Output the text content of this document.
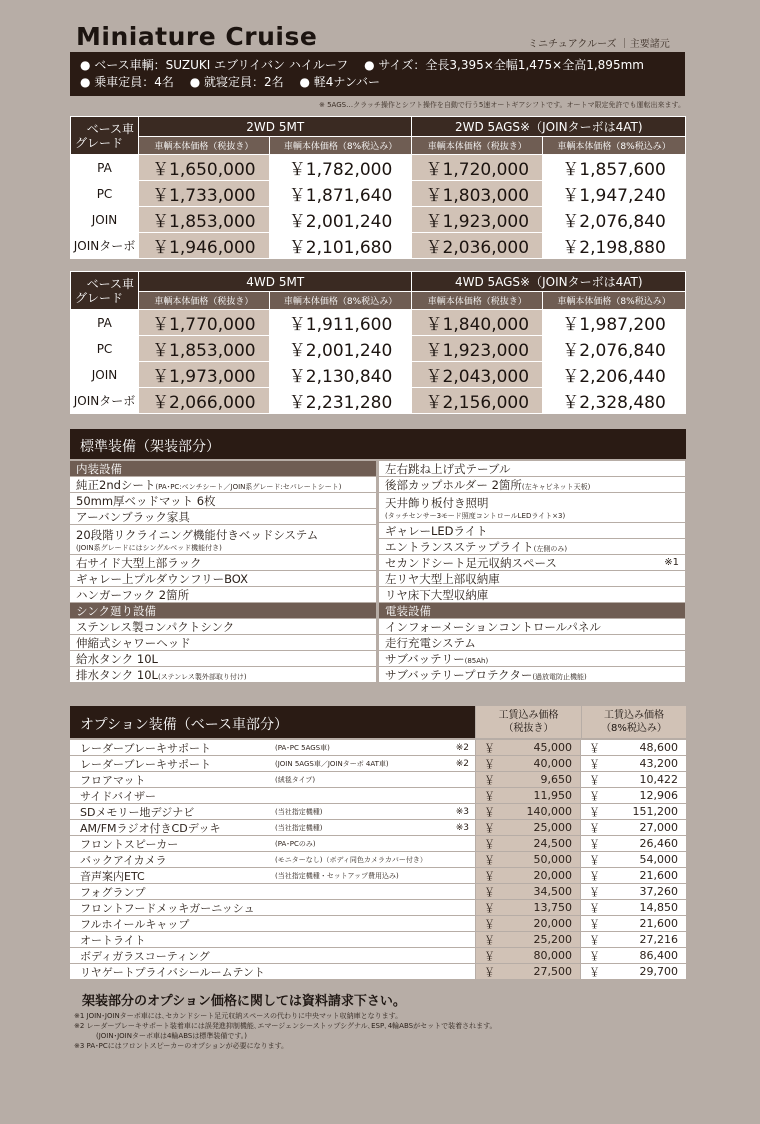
Miniature Cruise	ミニチュアクルーズ ｜主要諸元
● ベース車輌：SUZUKI エブリイバン ハイルーフ ● サイズ：全長3,395×全幅1,475×全高1,895mm
● 乗車定員：4名 ● 就寝定員：2名 ● 軽4ナンバー
※ 5AGS…クラッチ操作とシフト操作を自動で行う5速オートギアシフトです。オートマ限定免許でも運転出来ます。
ベース車
グレード	2WD 5MT		2WD 5AGS※（JOINターボは4AT)	
	車輌本体価格（税抜き）	車輌本体価格（8%税込み）	車輌本体価格（税抜き）	車輌本体価格（8%税込み）
PA	￥1,650,000	￥1,782,000	￥1,720,000	￥1,857,600
PC	￥1,733,000	￥1,871,640	￥1,803,000	￥1,947,240
JOIN	￥1,853,000	￥2,001,240	￥1,923,000	￥2,076,840
JOINターボ	￥1,946,000	￥2,101,680	￥2,036,000	￥2,198,880
ベース車
グレード	4WD 5MT		4WD 5AGS※（JOINターボは4AT)	
	車輌本体価格（税抜き）	車輌本体価格（8%税込み）	車輌本体価格（税抜き）	車輌本体価格（8%税込み）
PA	￥1,770,000	￥1,911,600	￥1,840,000	￥1,987,200
PC	￥1,853,000	￥2,001,240	￥1,923,000	￥2,076,840
JOIN	￥1,973,000	￥2,130,840	￥2,043,000	￥2,206,440
JOINターボ	￥2,066,000	￥2,231,280	￥2,156,000	￥2,328,480
標準装備（架装部分）
内装設備
純正2ndシート(PA･PC:ベンチシート／JOIN系グレード:セパレートシート)
50mm厚ベッドマット 6枚
アーバンブラック家具
20段階リクライニング機能付きベッドシステム
(JOIN系グレードにはシングルベッド機能付き)
右サイド大型上部ラック
ギャレー上プルダウンフリーBOX
ハンガーフック 2箇所
シンク廻り設備
ステンレス製コンパクトシンク
伸縮式シャワーヘッド
給水タンク 10L
排水タンク 10L(ステンレス製外部取り付け)
左右跳ね上げ式テーブル
後部カップホルダー 2箇所(左キャビネット天板)
天井飾り板付き照明
(タッチセンサー3モード照度コントロールLEDライト×3)
ギャレーLEDライト
エントランスステップライト(左側のみ)
セカンドシート足元収納スペース	※1
左リヤ大型上部収納庫
リヤ床下大型収納庫
電装設備
インフォーメーションコントロールパネル
走行充電システム
サブバッテリー(85Ah)
サブバッテリープロテクター(過放電防止機能)
オプション装備（ベース車部分）
工賃込み価格
（税抜き）
工賃込み価格
（8%税込み）
レーダーブレーキサポート	(PA･PC 5AGS車)	※2 ￥	45,000 ￥	48,600
レーダーブレーキサポート	(JOIN 5AGS車／JOINターボ 4AT車)	※2 ￥	40,000 ￥	43,200
フロアマット	(絨毯タイプ)	￥	9,650 ￥	10,422
サイドバイザー	￥	11,950 ￥	12,906
SDメモリー地デジナビ	(当社指定機種)	※3 ￥	140,000 ￥	151,200
AM/FMラジオ付きCDデッキ	(当社指定機種)	※3 ￥	25,000 ￥	27,000
フロントスピーカー	(PA･PCのみ)	￥	24,500 ￥	26,460
バックアイカメラ	(モニターなし)（ボディ同色カメラカバー付き）	￥	50,000 ￥	54,000
音声案内ETC	(当社指定機種・セットアップ費用込み)	￥	20,000 ￥	21,600
フォグランプ	￥	34,500 ￥	37,260
フロントフードメッキガーニッシュ	￥	13,750 ￥	14,850
フルホイールキャップ	￥	20,000 ￥	21,600
オートライト	￥	25,200 ￥	27,216
ボディガラスコーティング	￥	80,000 ￥	86,400
リヤゲートプライバシールームテント	￥	27,500 ￥	29,700
架装部分のオプション価格に関しては資料請求下さい。
※1 JOIN･JOINターボ車には､セカンドシート足元収納スペースの代わりに中央マット収納庫となります。
※2 レーダーブレーキサポート装着車には誤発進抑制機能､エマージェンシーストップシグナル､ESP､4輪ABSがセットで装着されます。
(JOIN･JOINターボ車は4輪ABSは標準装備です。)
※3 PA･PCにはフロントスピーカーのオプションが必要になります。
